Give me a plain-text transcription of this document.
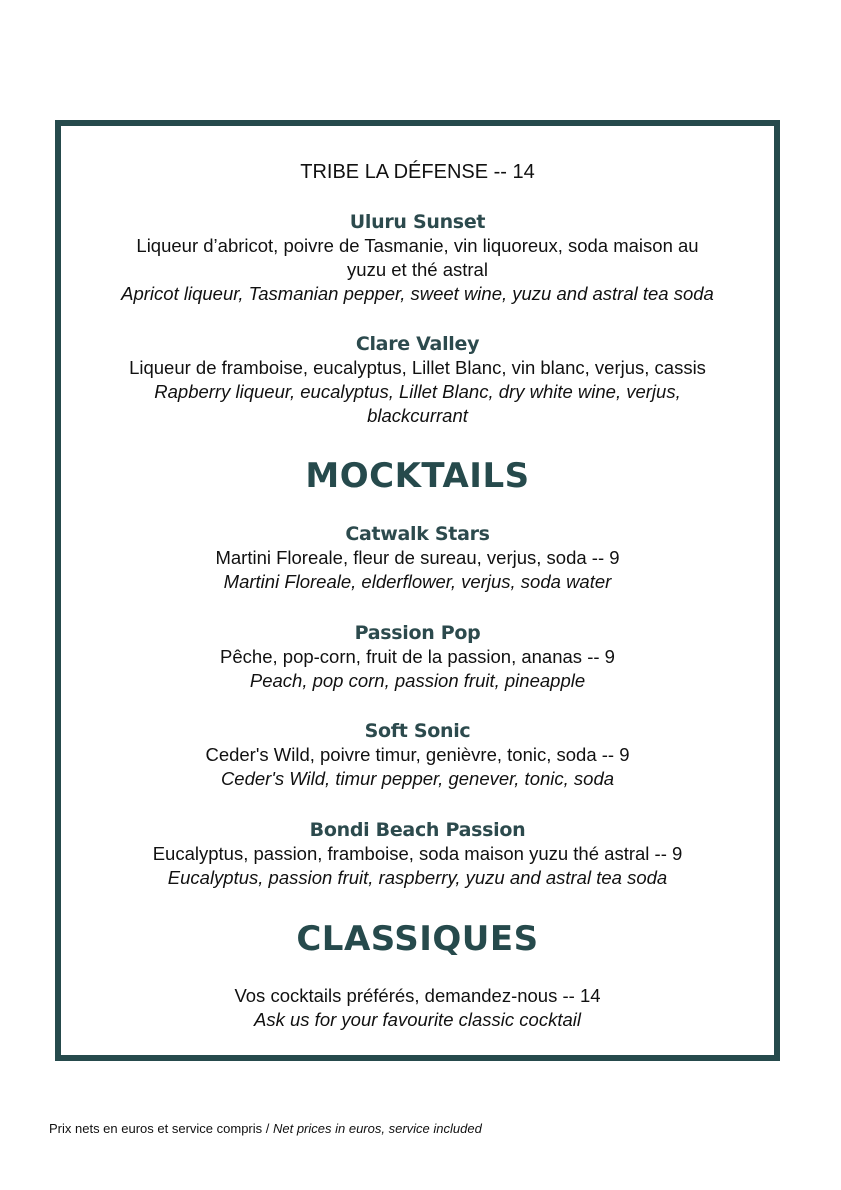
TRIBE LA DÉFENSE -- 14
Uluru Sunset
Liqueur d’abricot, poivre de Tasmanie, vin liquoreux, soda maison au
yuzu et thé astral
Apricot liqueur, Tasmanian pepper, sweet wine, yuzu and astral tea soda
Clare Valley
Liqueur de framboise, eucalyptus, Lillet Blanc, vin blanc, verjus, cassis
Rapberry liqueur, eucalyptus, Lillet Blanc, dry white wine, verjus,
blackcurrant
MOCKTAILS
Catwalk Stars
Martini Floreale, fleur de sureau, verjus, soda -- 9
Martini Floreale, elderflower, verjus, soda water
Passion Pop
Pêche, pop-corn, fruit de la passion, ananas -- 9
Peach, pop corn, passion fruit, pineapple
Soft Sonic
Ceder's Wild, poivre timur, genièvre, tonic, soda -- 9
Ceder's Wild, timur pepper, genever, tonic, soda
Bondi Beach Passion
Eucalyptus, passion, framboise, soda maison yuzu thé astral -- 9
Eucalyptus, passion fruit, raspberry, yuzu and astral tea soda
CLASSIQUES
Vos cocktails préférés, demandez-nous -- 14
Ask us for your favourite classic cocktail
Prix nets en euros et service compris / Net prices in euros, service included
